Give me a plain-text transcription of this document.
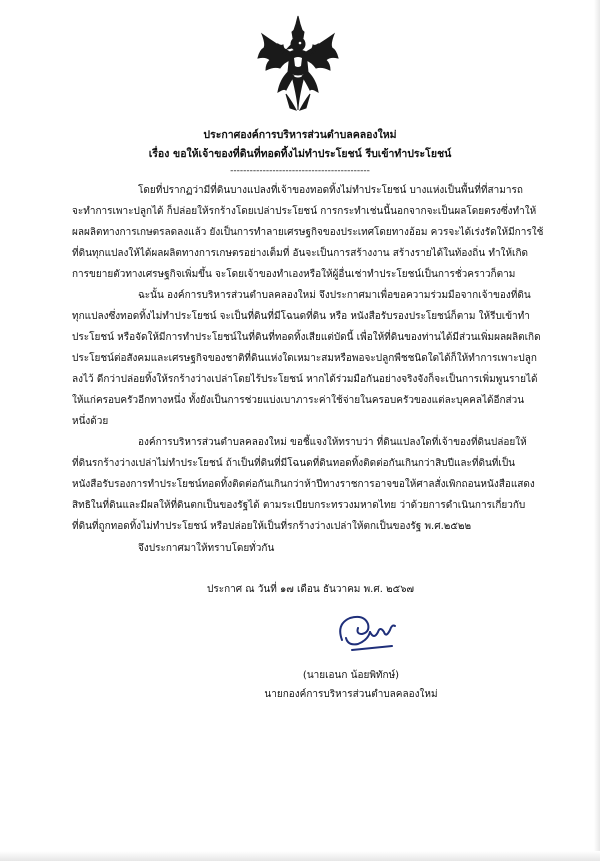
ประกาศองค์การบริหารส่วนตำบลคลองใหม่
เรื่อง ขอให้เจ้าของที่ดินที่ทอดทิ้งไม่ทำประโยชน์ รีบเข้าทำประโยชน์
-------------------------------------------
โดยที่ปรากฏว่ามีที่ดินบางแปลงที่เจ้าของทอดทิ้งไม่ทำประโยชน์ บางแห่งเป็นพื้นที่ที่สามารถ
จะทำการเพาะปลูกได้ ก็ปล่อยให้รกร้างโดยเปล่าประโยชน์ การกระทำเช่นนี้นอกจากจะเป็นผลโดยตรงซึ่งทำให้
ผลผลิตทางการเกษตรลดลงแล้ว ยังเป็นการทำลายเศรษฐกิจของประเทศโดยทางอ้อม ควรจะได้เร่งรัดให้มีการใช้
ที่ดินทุกแปลงให้ได้ผลผลิตทางการเกษตรอย่างเต็มที่ อันจะเป็นการสร้างงาน สร้างรายได้ในท้องถิ่น ทำให้เกิด
การขยายตัวทางเศรษฐกิจเพิ่มขึ้น จะโดยเจ้าของทำเองหรือให้ผู้อื่นเช่าทำประโยชน์เป็นการชั่วคราวก็ตาม
ฉะนั้น องค์การบริหารส่วนตำบลคลองใหม่ จึงประกาศมาเพื่อขอความร่วมมือจากเจ้าของที่ดิน
ทุกแปลงซึ่งทอดทิ้งไม่ทำประโยชน์ จะเป็นที่ดินที่มีโฉนดที่ดิน หรือ หนังสือรับรองประโยชน์ก็ตาม ให้รีบเข้าทำ
ประโยชน์ หรือจัดให้มีการทำประโยชน์ในที่ดินที่ทอดทิ้งเสียแต่บัดนี้ เพื่อให้ที่ดินของท่านได้มีส่วนเพิ่มผลผลิตเกิด
ประโยชน์ต่อสังคมและเศรษฐกิจของชาติที่ดินแห่งใดเหมาะสมหรือพอจะปลูกพืชชนิดใดได้ก็ให้ทำการเพาะปลูก
ลงไว้ ดีกว่าปล่อยทิ้งให้รกร้างว่างเปล่าโดยไร้ประโยชน์ หากได้ร่วมมือกันอย่างจริงจังก็จะเป็นการเพิ่มพูนรายได้
ให้แก่ครอบครัวอีกทางหนึ่ง ทั้งยังเป็นการช่วยแบ่งเบาภาระค่าใช้จ่ายในครอบครัวของแต่ละบุคคลได้อีกส่วน
หนึ่งด้วย
องค์การบริหารส่วนตำบลคลองใหม่ ขอชี้แจงให้ทราบว่า ที่ดินแปลงใดที่เจ้าของที่ดินปล่อยให้
ที่ดินรกร้างว่างเปล่าไม่ทำประโยชน์ ถ้าเป็นที่ดินที่มีโฉนดที่ดินทอดทิ้งติดต่อกันเกินกว่าสิบปีและที่ดินที่เป็น
หนังสือรับรองการทำประโยชน์ทอดทิ้งติดต่อกันเกินกว่าห้าปีทางราชการอาจขอให้ศาลสั่งเพิกถอนหนังสือแสดง
สิทธิในที่ดินและมีผลให้ที่ดินตกเป็นของรัฐได้ ตามระเบียบกระทรวงมหาดไทย ว่าด้วยการดำเนินการเกี่ยวกับ
ที่ดินที่ถูกทอดทิ้งไม่ทำประโยชน์ หรือปล่อยให้เป็นที่รกร้างว่างเปล่าให้ตกเป็นของรัฐ พ.ศ.๒๕๒๒
จึงประกาศมาให้ทราบโดยทั่วกัน
ประกาศ ณ วันที่ ๑๗ เดือน ธันวาคม พ.ศ. ๒๕๖๗
(นายเอนก น้อยพิทักษ์)
นายกองค์การบริหารส่วนตำบลคลองใหม่
